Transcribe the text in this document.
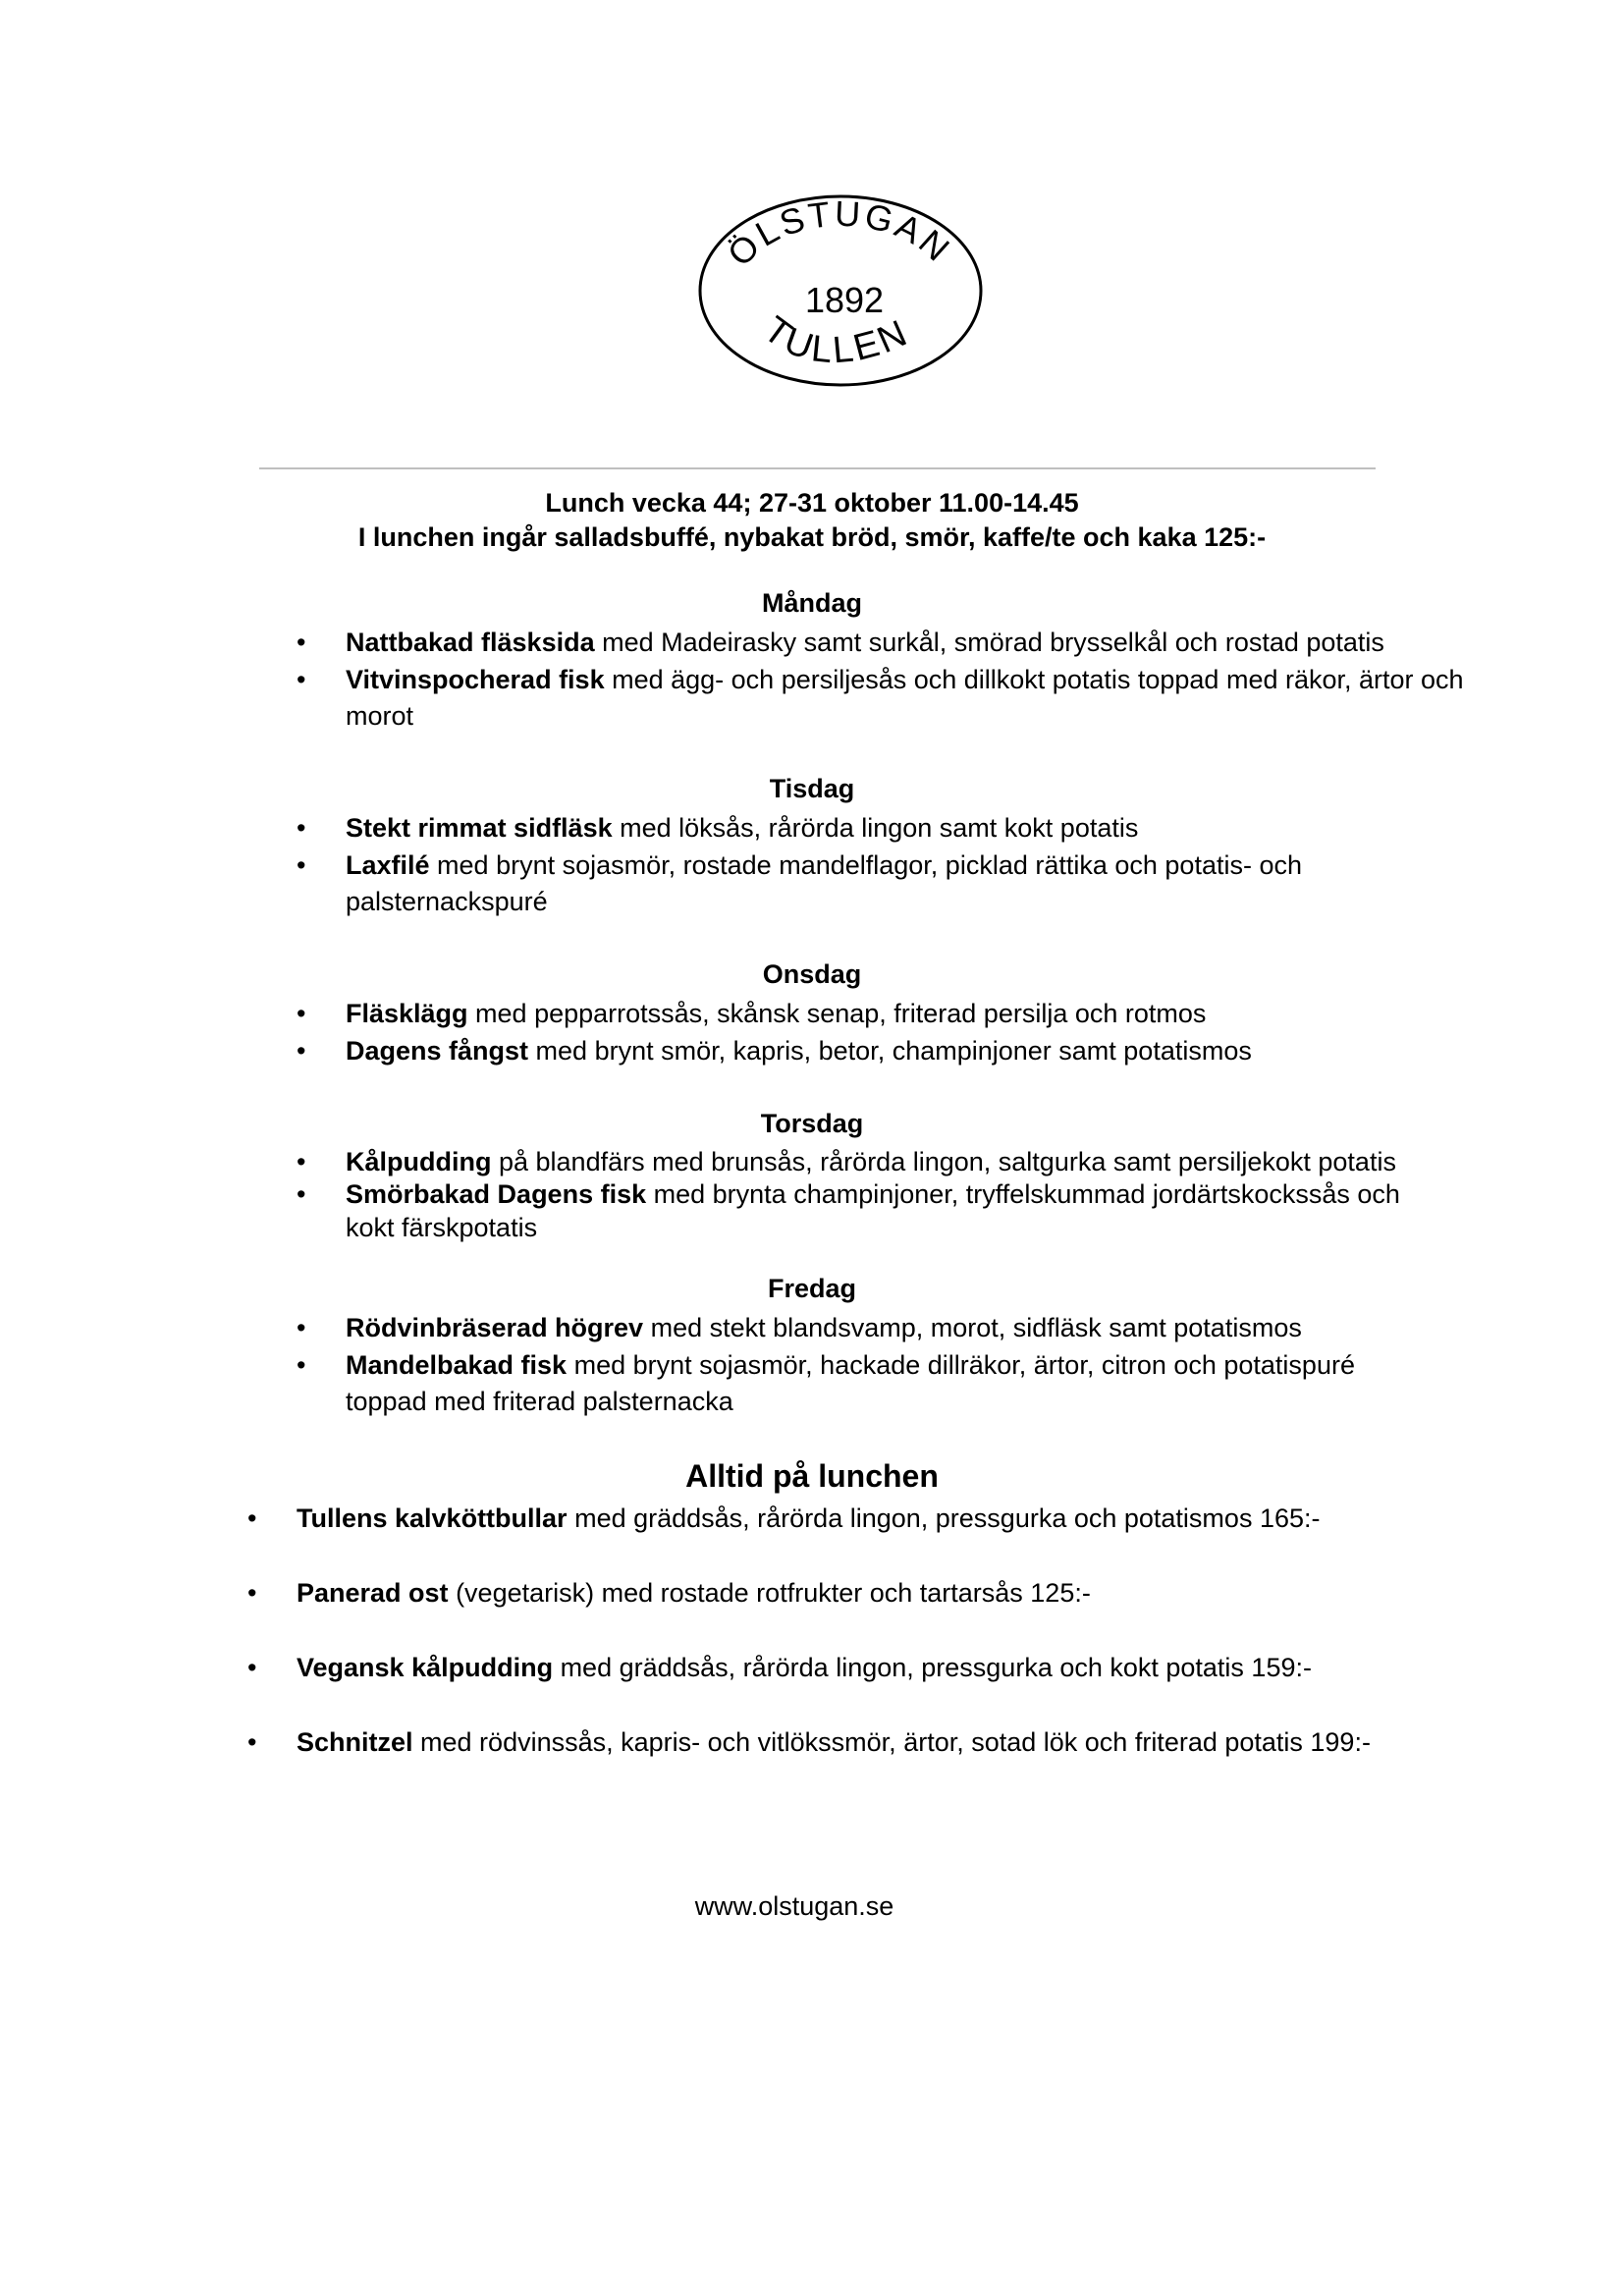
ÖLSTUGAN
1892
TULLEN
Lunch vecka 44; 27-31 oktober 11.00-14.45
I lunchen ingår salladsbuffé, nybakat bröd, smör, kaffe/te och kaka 125:-
Måndag
• Nattbakad fläsksida med Madeirasky samt surkål, smörad brysselkål och rostad potatis
• Vitvinspocherad fisk med ägg- och persiljesås och dillkokt potatis toppad med räkor, ärtor och morot
Tisdag
• Stekt rimmat sidfläsk med löksås, rårörda lingon samt kokt potatis
• Laxfilé med brynt sojasmör, rostade mandelflagor, picklad rättika och potatis- och palsternackspuré
Onsdag
• Fläsklägg med pepparrotssås, skånsk senap, friterad persilja och rotmos
• Dagens fångst med brynt smör, kapris, betor, champinjoner samt potatismos
Torsdag
• Kålpudding på blandfärs med brunsås, rårörda lingon, saltgurka samt persiljekokt potatis
• Smörbakad Dagens fisk med brynta champinjoner, tryffelskummad jordärtskockssås och kokt färskpotatis
Fredag
• Rödvinbräserad högrev med stekt blandsvamp, morot, sidfläsk samt potatismos
• Mandelbakad fisk med brynt sojasmör, hackade dillräkor, ärtor, citron och potatispuré toppad med friterad palsternacka
Alltid på lunchen
• Tullens kalvköttbullar med gräddsås, rårörda lingon, pressgurka och potatismos 165:-
• Panerad ost (vegetarisk) med rostade rotfrukter och tartarsås 125:-
• Vegansk kålpudding med gräddsås, rårörda lingon, pressgurka och kokt potatis 159:-
• Schnitzel med rödvinssås, kapris- och vitlökssmör, ärtor, sotad lök och friterad potatis 199:-
www.olstugan.se
